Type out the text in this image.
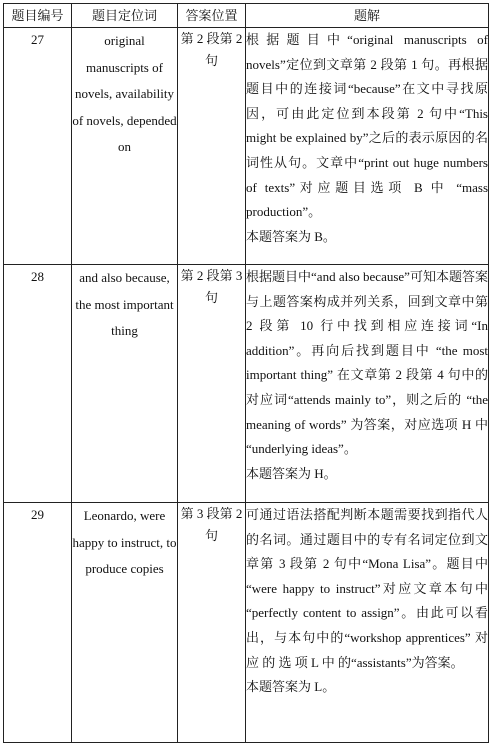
题目编号	题目定位词	答案位置	题解
27	original manuscripts of novels, availability of novels, depended on	第 2 段第 2 句	根据题目中“original manuscripts of novels”定位到文章第 2 段第 1 句。再根据题目中的连接词“because”在文中寻找原因，可由此定位到本段第 2 句中“This might be explained by”之后的表示原因的名词性从句。文章中“print out huge numbers of texts”对应题目选项 B 中 “mass production”。

本题答案为 B。

28	and also because, the most important thing	第 2 段第 3 句	根据题目中“and also because”可知本题答案与上题答案构成并列关系，回到文章中第 2 段第 10 行中找到相应连接词“In addition”。再向后找到题目中 “the most important thing” 在文章第 2 段第 4 句中的对应词“attends mainly to”，则之后的 “the meaning of words” 为答案，对应选项 H 中 “underlying ideas”。

本题答案为 H。

29	Leonardo, were happy to instruct, to produce copies	第 3 段第 2 句	可通过语法搭配判断本题需要找到指代人的名词。通过题目中的专有名词定位到文章第 3 段第 2 句中“Mona Lisa”。题目中 “were happy to instruct”对应文章本句中 “perfectly content to assign”。由此可以看出，与本句中的“workshop apprentices” 对 应 的 选 项 L 中 的“assistants”为答案。

本题答案为 L。
